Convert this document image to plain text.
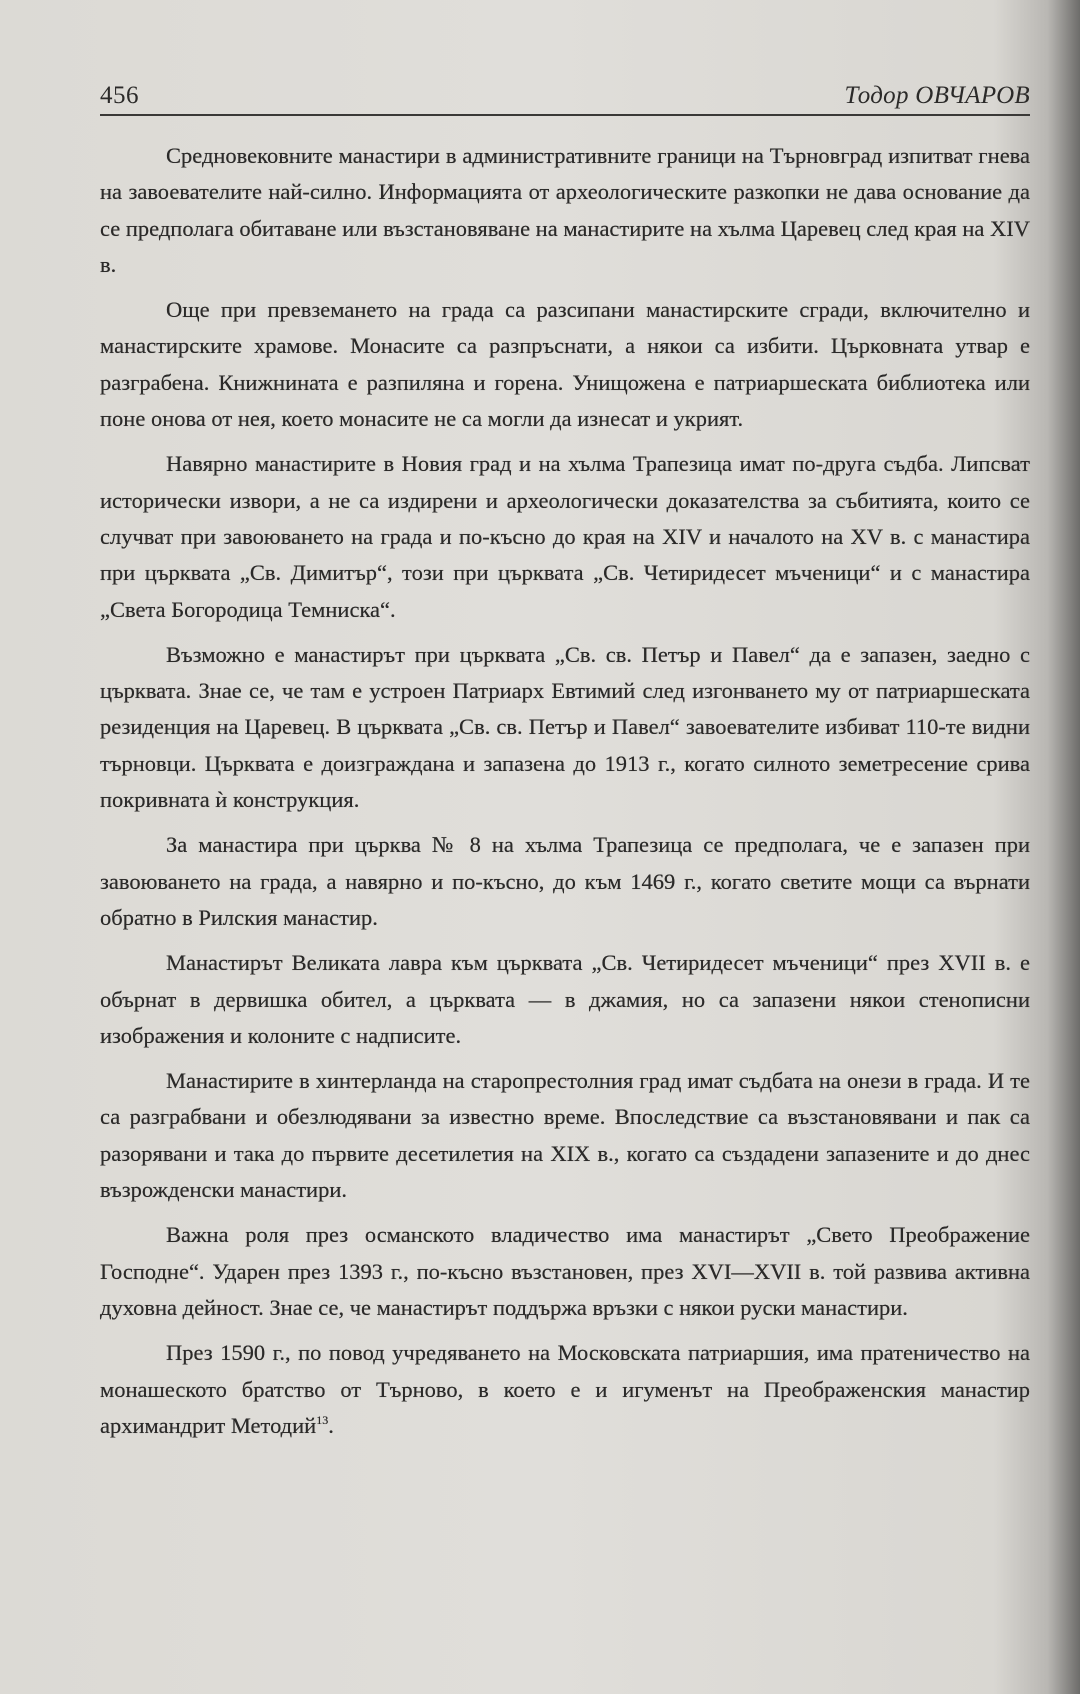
456	Тодор ОВЧАРОВ

Средновековните манастири в административните граници на Търновград изпитват гнева на завоевателите най-силно. Информацията от археологическите разкопки не дава основание да се предполага обитаване или възстановяване на манастирите на хълма Царевец след края на XIV в.

Още при превземането на града са разсипани манастирските сгради, включително и манастирските храмове. Монасите са разпръснати, а някои са избити. Църковната утвар е разграбена. Книжнината е разпиляна и горена. Унищожена е патриаршеската библиотека или поне онова от нея, което монасите не са могли да изнесат и укрият.

Навярно манастирите в Новия град и на хълма Трапезица имат по-друга съдба. Липсват исторически извори, а не са издирени и археологически доказателства за събитията, които се случват при завоюването на града и по-късно до края на XIV и началото на XV в. с манастира при църквата „Св. Димитър“, този при църквата „Св. Четиридесет мъченици“ и с манастира „Света Богородица Темниска“.

Възможно е манастирът при църквата „Св. св. Петър и Павел“ да е запазен, заедно с църквата. Знае се, че там е устроен Патриарх Евтимий след изгонването му от патриаршеската резиденция на Царевец. В църквата „Св. св. Петър и Павел“ завоевателите избиват 110-те видни търновци. Църквата е доизграждана и запазена до 1913 г., когато силното земетресение срива покривната ѝ конструкция.

За манастира при църква № 8 на хълма Трапезица се предполага, че е запазен при завоюването на града, а навярно и по-късно, до към 1469 г., когато светите мощи са върнати обратно в Рилския манастир.

Манастирът Великата лавра към църквата „Св. Четиридесет мъченици“ през XVII в. е обърнат в дервишка обител, а църквата — в джамия, но са запазени някои стенописни изображения и колоните с надписите.

Манастирите в хинтерланда на старопрестолния град имат съдбата на онези в града. И те са разграбвани и обезлюдявани за известно време. Впоследствие са възстановявани и пак са разорявани и така до първите десетилетия на XIX в., когато са създадени запазените и до днес възрожденски манастири.

Важна роля през османското владичество има манастирът „Свето Преображение Господне“. Ударен през 1393 г., по-късно възстановен, през XVI—XVII в. той развива активна духовна дейност. Знае се, че манастирът поддържа връзки с някои руски манастири.

През 1590 г., по повод учредяването на Московската патриаршия, има пратеничество на монашеското братство от Търново, в което е и игуменът на Преображенския манастир архимандрит Методий$^{13}$.
